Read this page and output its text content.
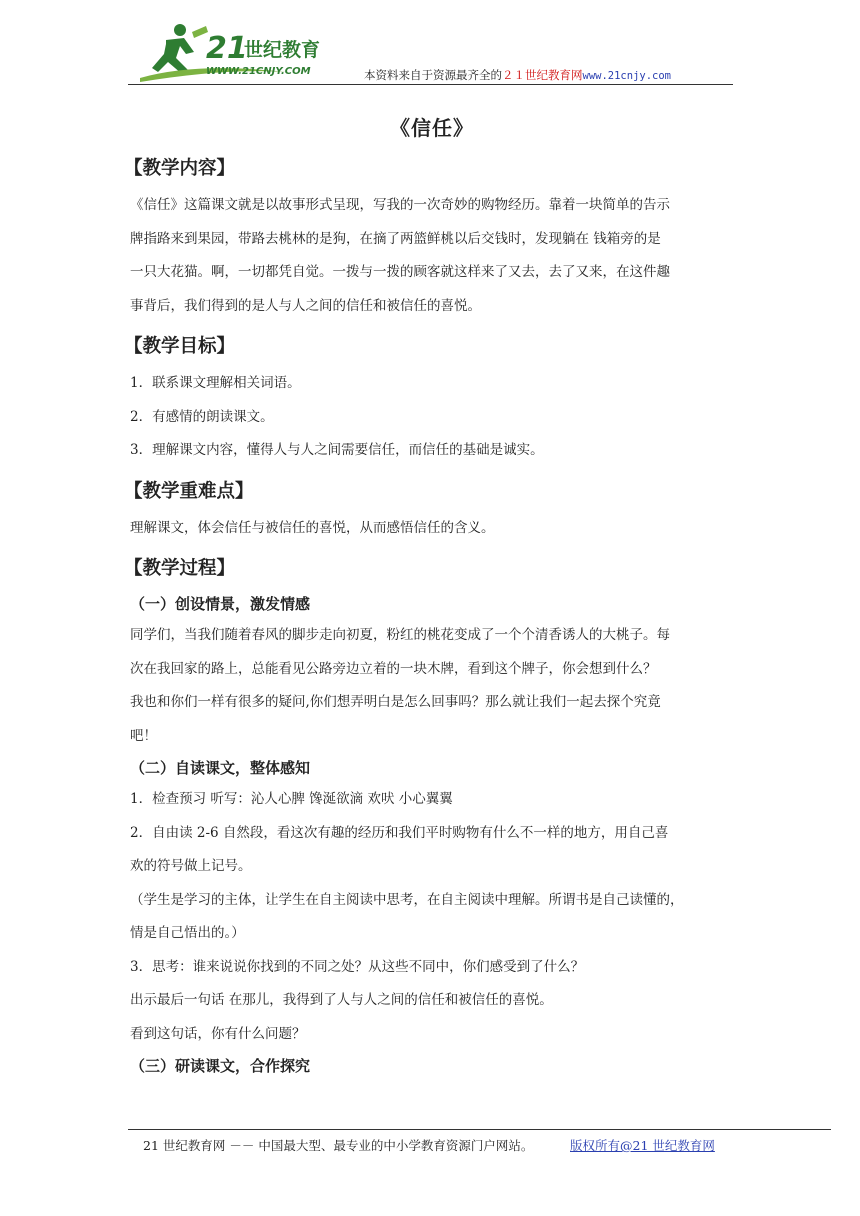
21
世纪教育
WWW.21CNJY.COM	本资料来自于资源最齐全的２１世纪教育网www.21cnjy.com
《信任》
【教学内容】

《信任》这篇课文就是以故事形式呈现，写我的一次奇妙的购物经历。靠着一块简单的告示

牌指路来到果园，带路去桃林的是狗，在摘了两篮鲜桃以后交钱时，发现躺在 钱箱旁的是

一只大花猫。啊，一切都凭自觉。一拨与一拨的顾客就这样来了又去，去了又来，在这件趣

事背后，我们得到的是人与人之间的信任和被信任的喜悦。

【教学目标】

1．联系课文理解相关词语。

2．有感情的朗读课文。

3．理解课文内容，懂得人与人之间需要信任，而信任的基础是诚实。

【教学重难点】

理解课文，体会信任与被信任的喜悦，从而感悟信任的含义。

【教学过程】
（一）创设情景，激发情感

同学们，当我们随着春风的脚步走向初夏，粉红的桃花变成了一个个清香诱人的大桃子。每

次在我回家的路上，总能看见公路旁边立着的一块木牌，看到这个牌子，你会想到什么？

我也和你们一样有很多的疑问,你们想弄明白是怎么回事吗？那么就让我们一起去探个究竟

吧！

（二）自读课文，整体感知

1．检查预习 听写：沁人心脾 馋涎欲滴 欢吠 小心翼翼

2．自由读 2-6 自然段，看这次有趣的经历和我们平时购物有什么不一样的地方，用自己喜

欢的符号做上记号。

（学生是学习的主体，让学生在自主阅读中思考，在自主阅读中理解。所谓书是自己读懂的，

情是自己悟出的。）

3．思考：谁来说说你找到的不同之处？从这些不同中，你们感受到了什么？

出示最后一句话 在那儿，我得到了人与人之间的信任和被信任的喜悦。

看到这句话，你有什么问题？

（三）研读课文，合作探究
21 世纪教育网 －－ 中国最大型、最专业的中小学教育资源门户网站。	版权所有@21 世纪教育网
